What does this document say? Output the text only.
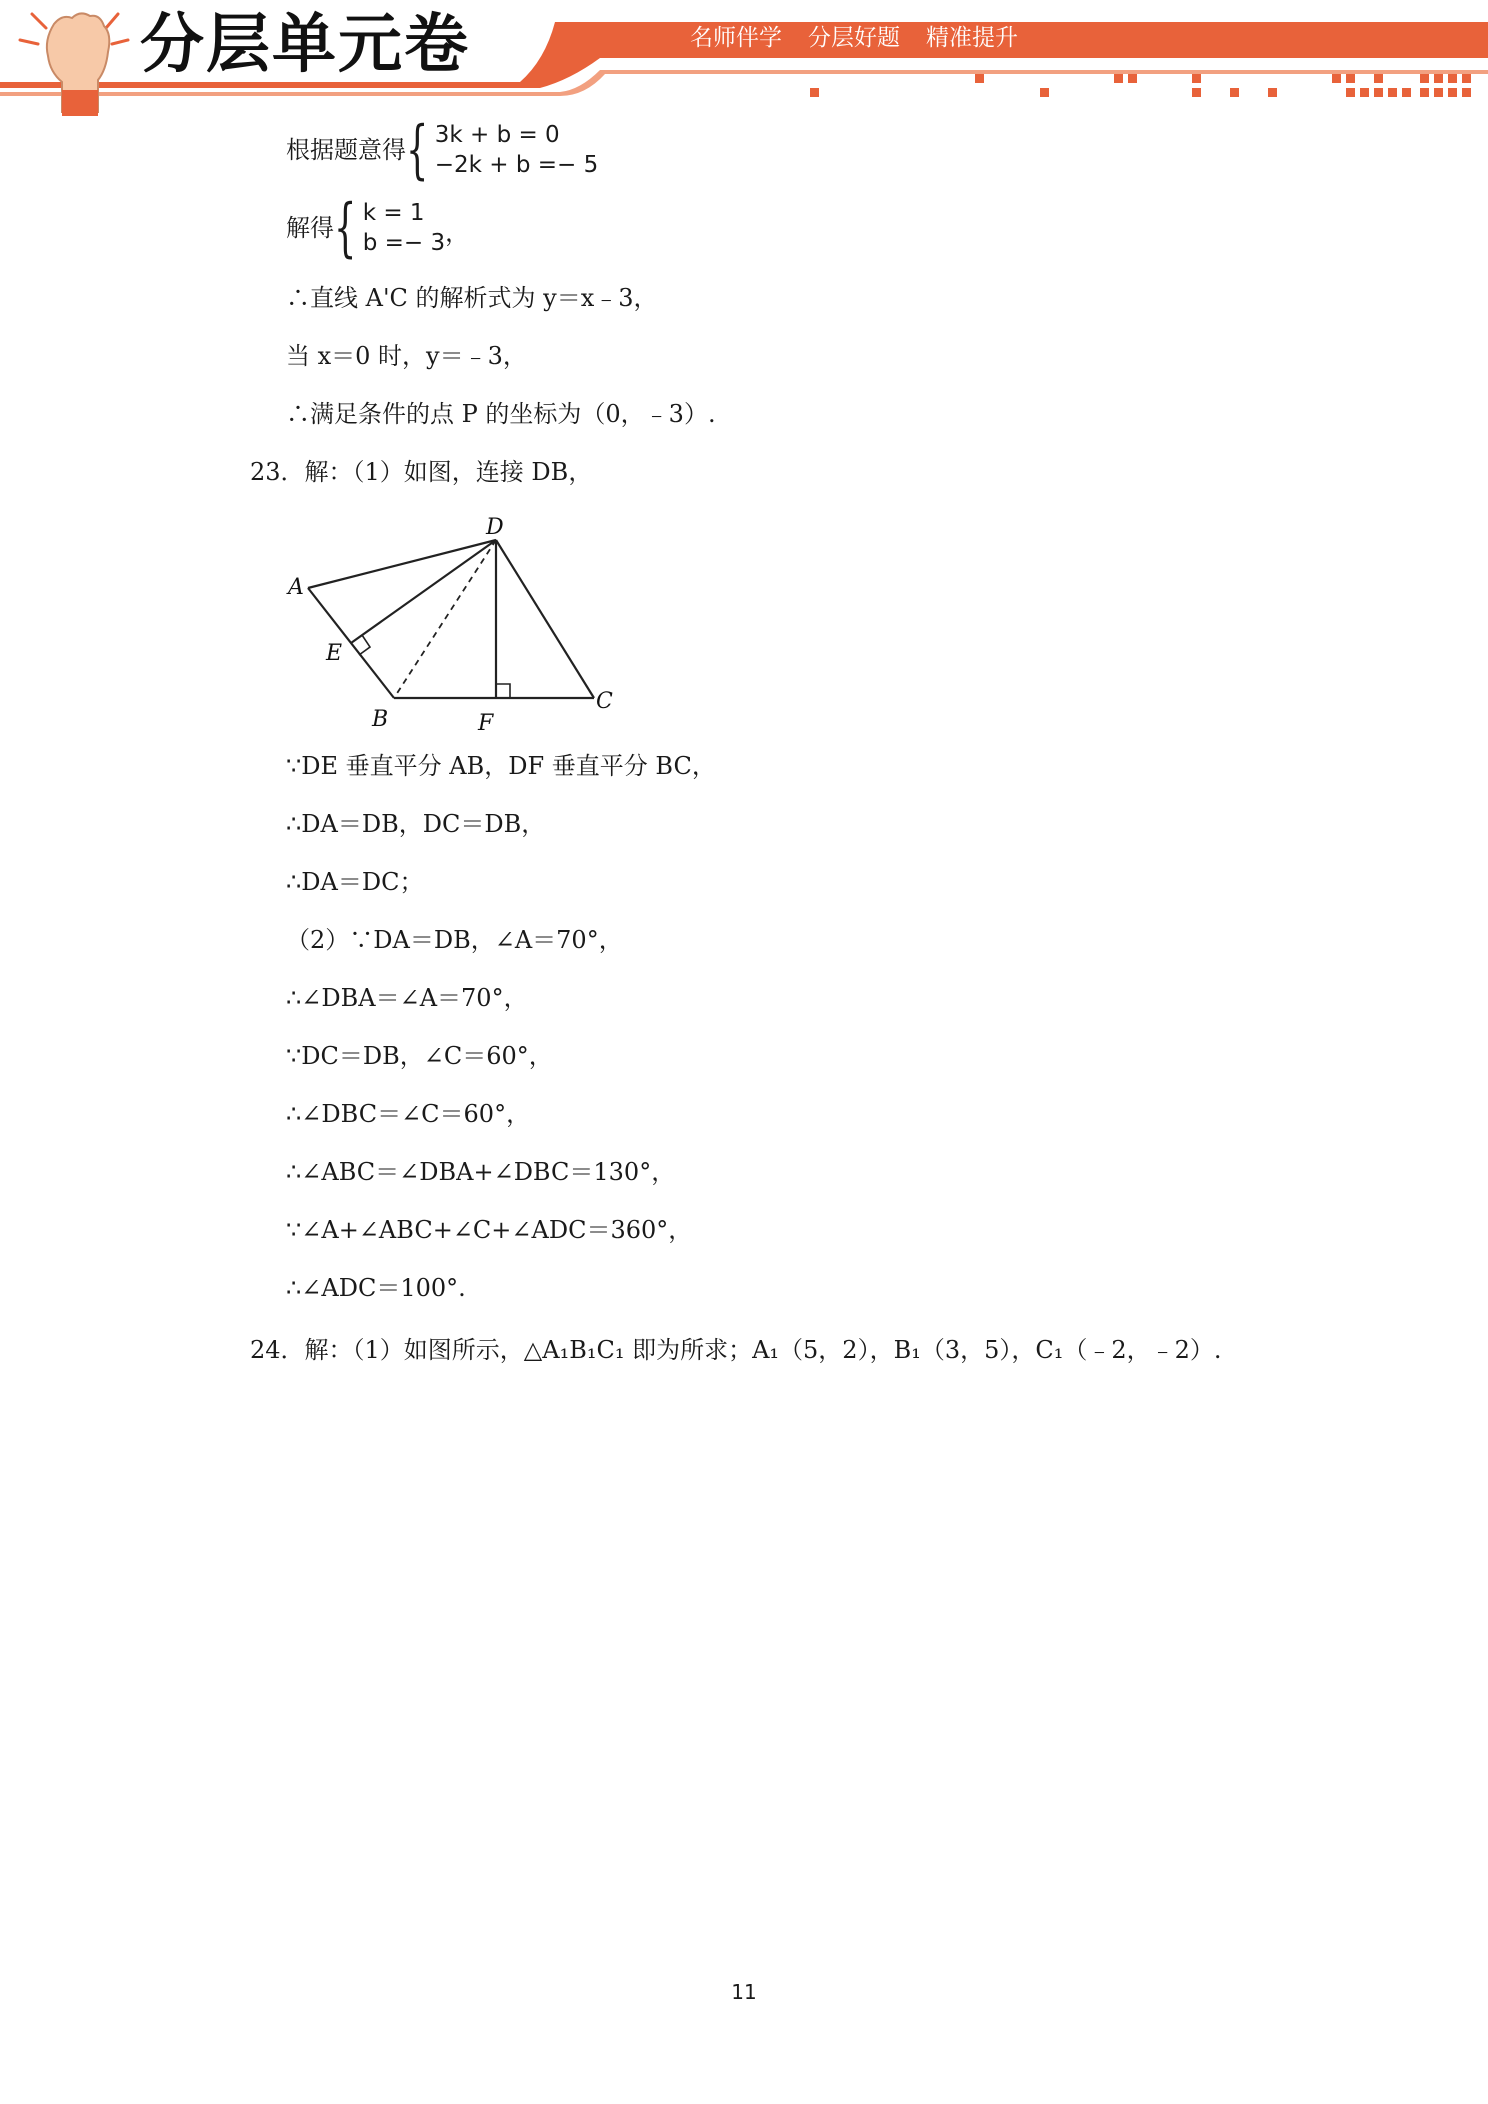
分层单元卷	名师伴学 分层好题 精准提升
根据题意得 { 3k + b = 0
−2k + b =− 5
解得 { k = 1
b =− 3 ，
∴直线 A'C 的解析式为 y＝x﹣3，
当 x＝0 时，y＝﹣3，
∴满足条件的点 P 的坐标为（0，﹣3）.
23．解：（1）如图，连接 DB，
D
A
E
B	F
C
∵DE 垂直平分 AB，DF 垂直平分 BC，
∴DA＝DB，DC＝DB，
∴DA＝DC；
（2）∵DA＝DB，∠A＝70°，
∴∠DBA＝∠A＝70°，
∵DC＝DB，∠C＝60°，
∴∠DBC＝∠C＝60°，
∴∠ABC＝∠DBA+∠DBC＝130°，
∵∠A+∠ABC+∠C+∠ADC＝360°，
∴∠ADC＝100°.
24．解：（1）如图所示，△A₁B₁C₁ 即为所求；A₁（5，2），B₁（3，5），C₁（﹣2，﹣2）.
11
